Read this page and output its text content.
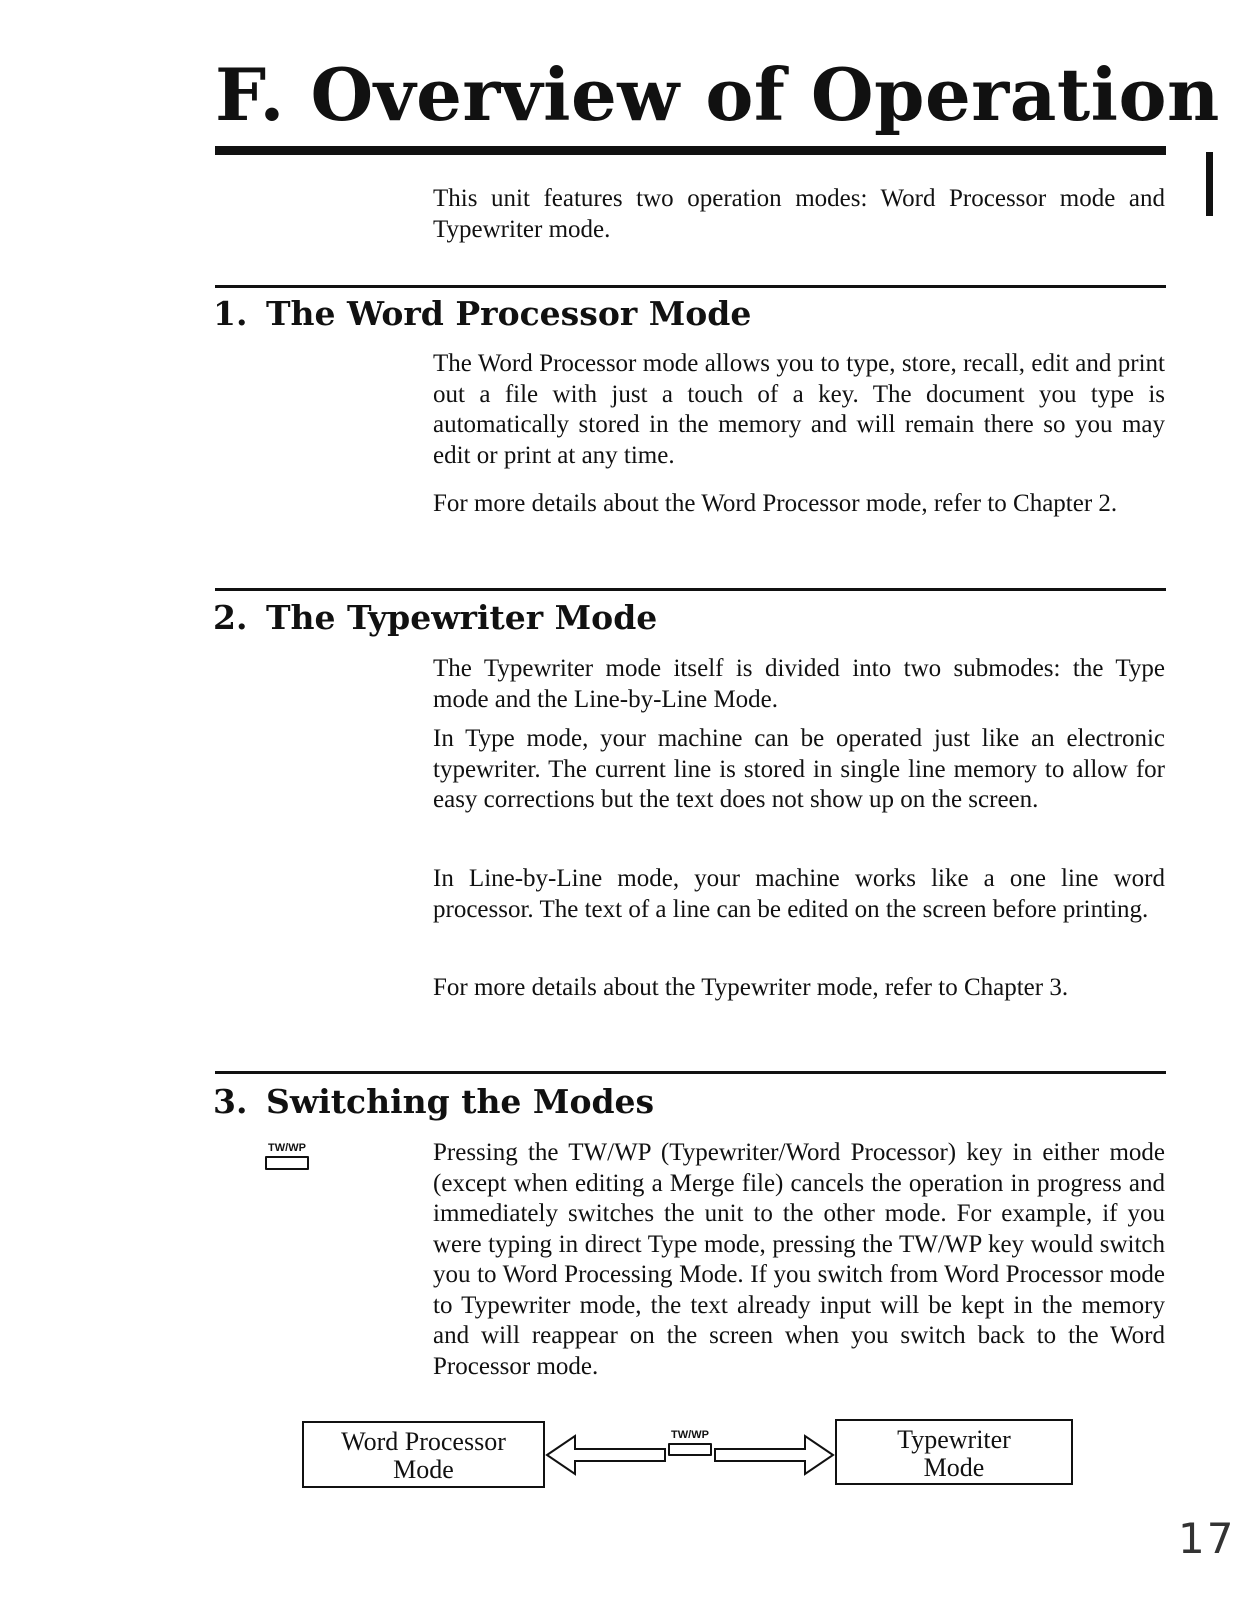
F. Overview of Operation

This unit features two operation modes: Word Processor mode and Typewriter mode.

1. The Word Processor Mode

The Word Processor mode allows you to type, store, recall, edit and print out a file with just a touch of a key. The document you type is automatically stored in the memory and will remain there so you may edit or print at any time.

For more details about the Word Processor mode, refer to Chapter 2.

2. The Typewriter Mode

The Typewriter mode itself is divided into two submodes: the Type mode and the Line-by-Line Mode.

In Type mode, your machine can be operated just like an electronic typewriter. The current line is stored in single line memory to allow for easy corrections but the text does not show up on the screen.

In Line-by-Line mode, your machine works like a one line word processor. The text of a line can be edited on the screen before printing.

For more details about the Typewriter mode, refer to Chapter 3.

3. Switching the Modes
TW/WP	Pressing the TW/WP (Typewriter/Word Processor) key in either mode (except when editing a Merge file) cancels the operation in progress and immediately switches the unit to the other mode. For example, if you were typing in direct Type mode, pressing the TW/WP key would switch you to Word Processing Mode. If you switch from Word Processor mode to Typewriter mode, the text already input will be kept in the memory and will reappear on the screen when you switch back to the Word Processor mode.

Word Processor
Mode
TW/WP	Typewriter
Mode
17
